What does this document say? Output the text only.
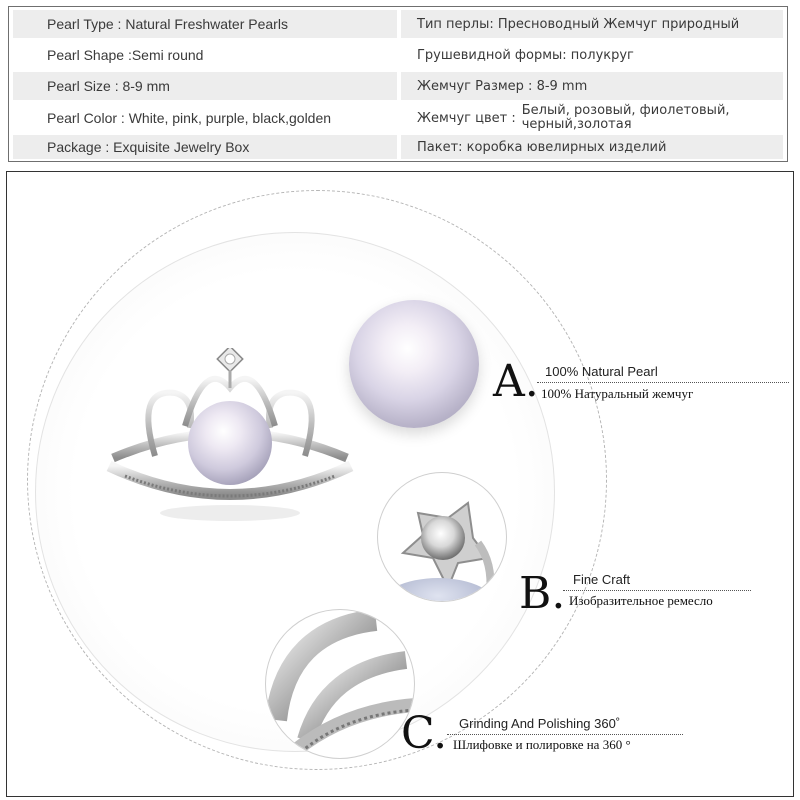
Pearl Type : Natural Freshwater Pearls	Тип перлы: Пресноводный Жемчуг природный
Pearl Shape :Semi round	Грушевидной формы: полукруг
Pearl Size : 8-9 mm	Жемчуг Размер : 8-9 mm
Pearl Color : White, pink, purple, black,golden	Жемчуг цвет : Белый, розовый, фиолетовый,
черный,золотая
Package : Exquisite Jewelry Box	Пакет: коробка ювелирных изделий
A. 100% Natural Pearl
100% Натуральный жемчуг
B. Fine Craft
Изобразительное ремесло
C. Grinding And Polishing 360˚
Шлифовке и полировке на 360 °
